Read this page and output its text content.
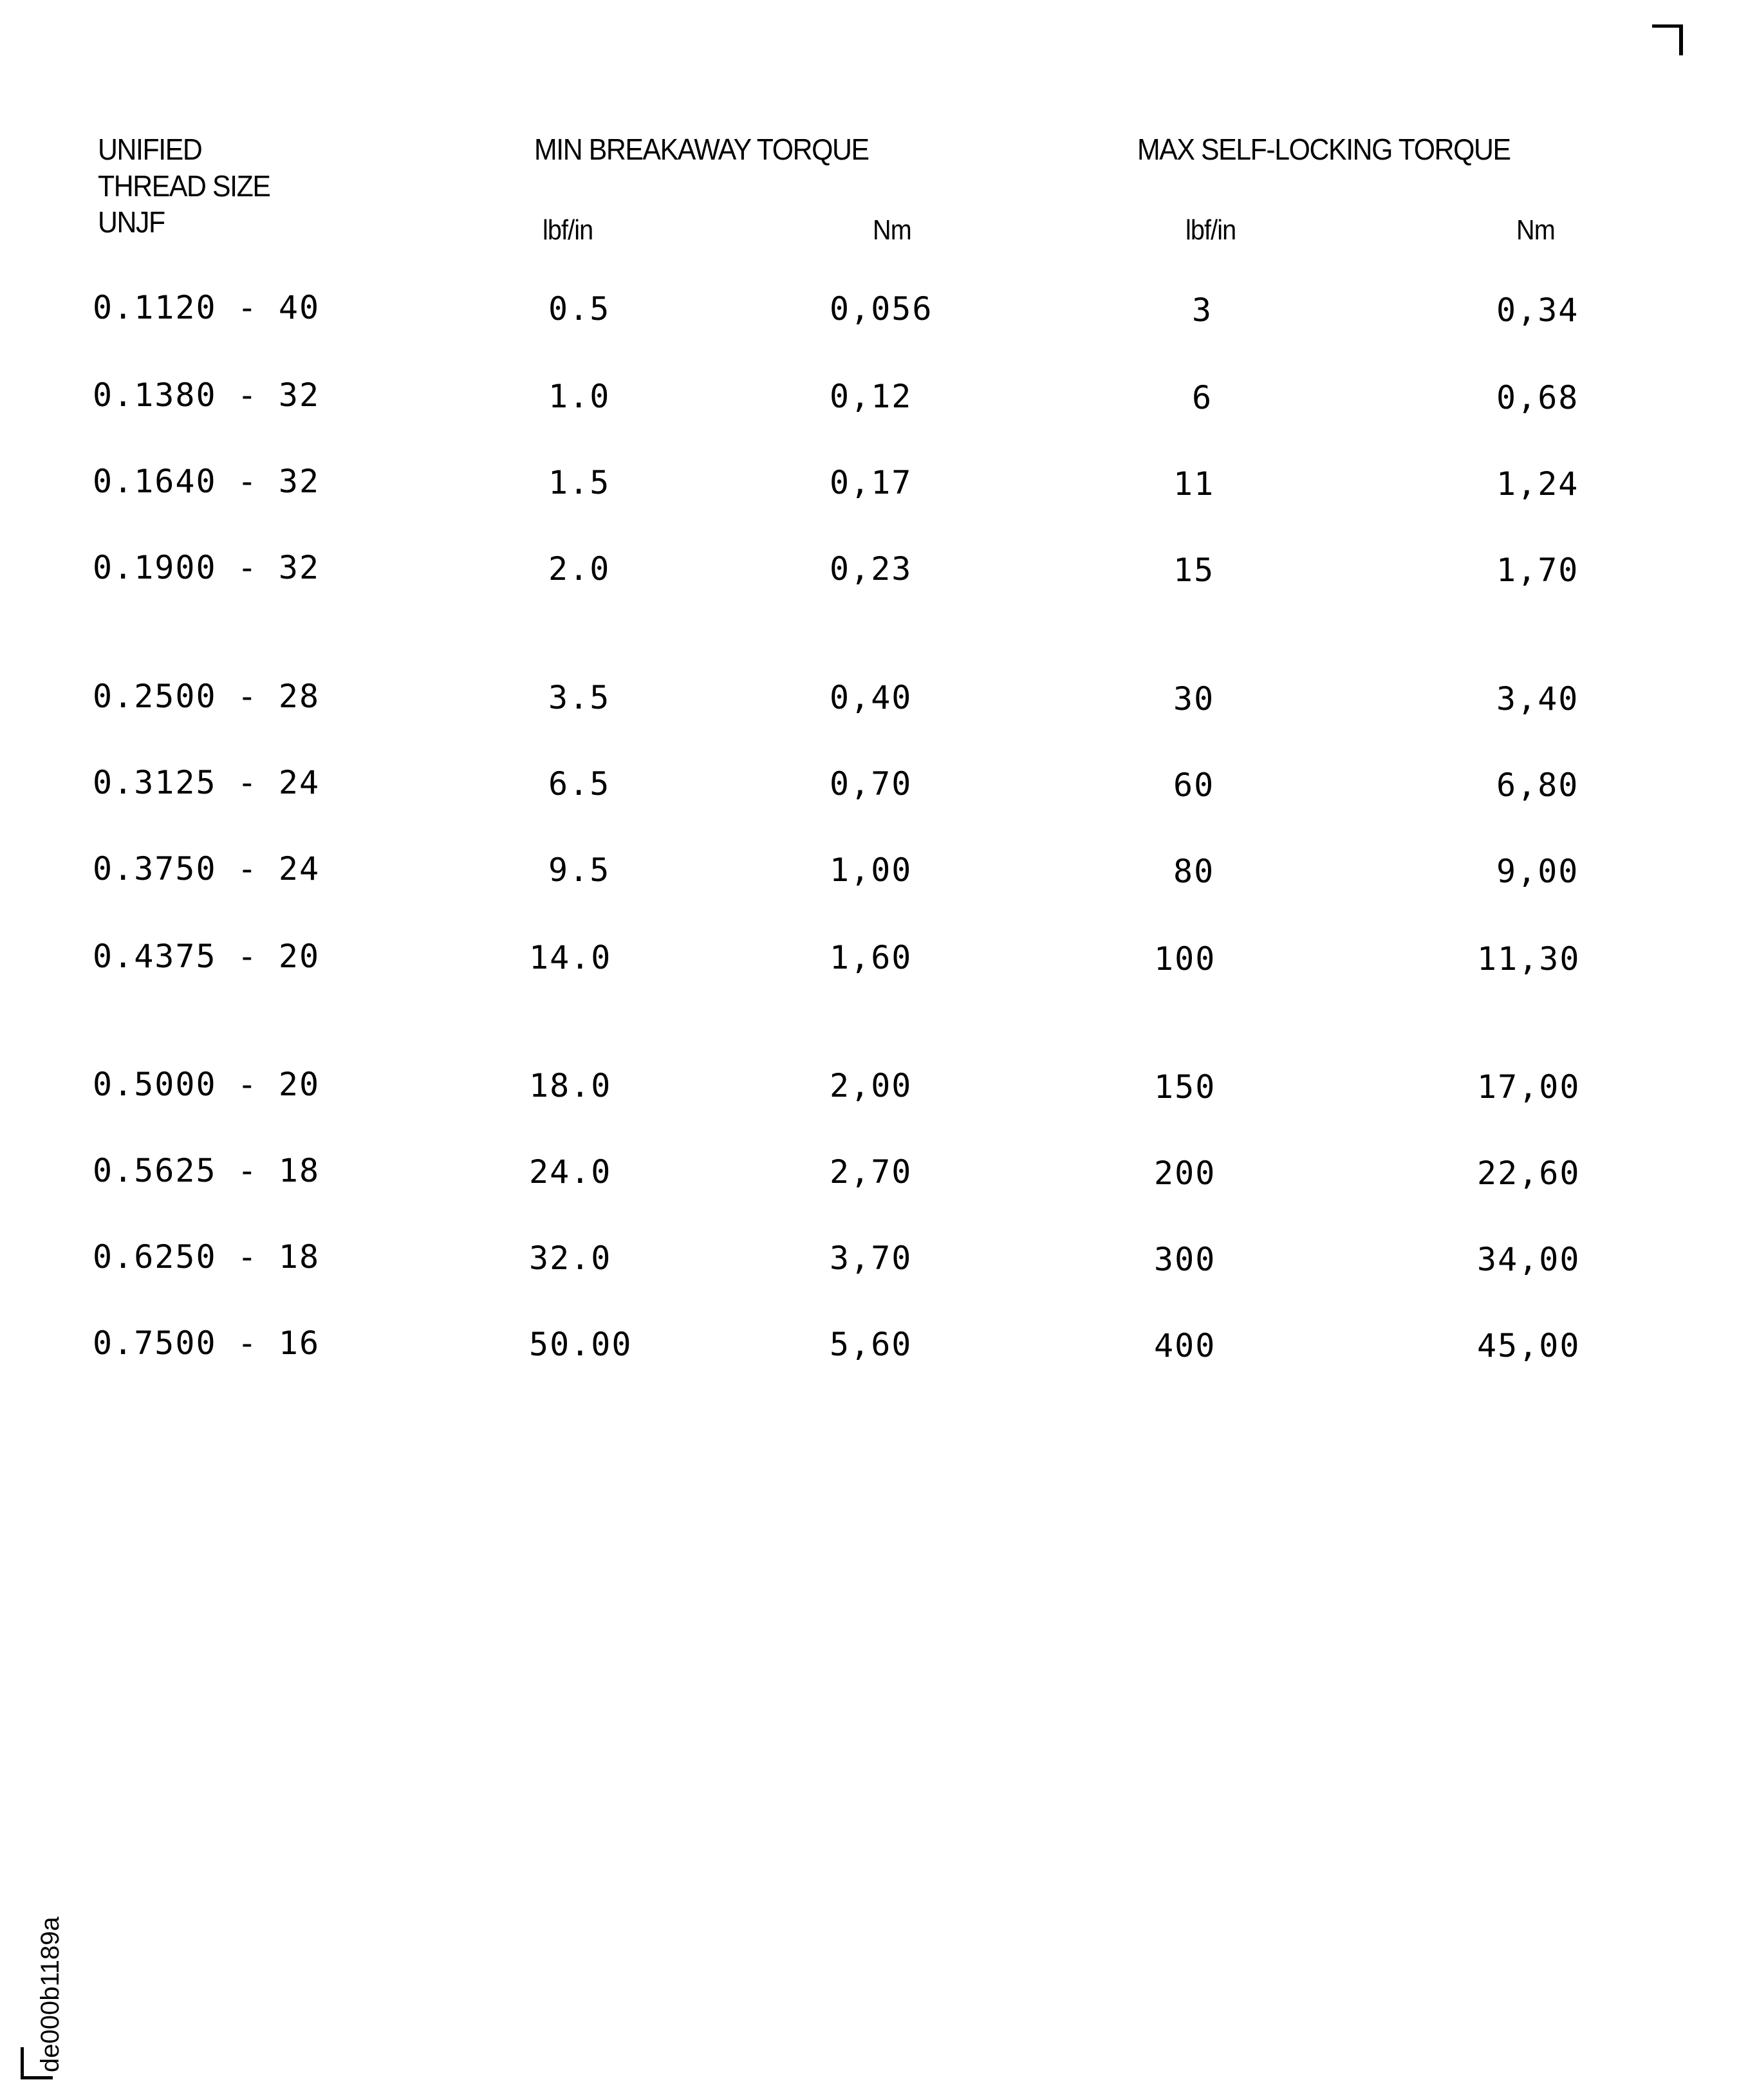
de000b1189a
UNIFIED
THREAD SIZE
UNJF
MIN BREAKAWAY TORQUE	MAX SELF-LOCKING TORQUE
lbf/in	Nm	lbf/in	Nm
0.1120 - 40	0.5	0,056	3	0,34
0.1380 - 32	1.0	0,12	6	0,68
0.1640 - 32	1.5	0,17	11	1,24
0.1900 - 32	2.0	0,23	15	1,70
0.2500 - 28	3.5	0,40	30	3,40
0.3125 - 24	6.5	0,70	60	6,80
0.3750 - 24	9.5	1,00	80	9,00
0.4375 - 20	14.0	1,60	100	11,30
0.5000 - 20	18.0	2,00	150	17,00
0.5625 - 18	24.0	2,70	200	22,60
0.6250 - 18	32.0	3,70	300	34,00
0.7500 - 16	50.00	5,60	400	45,00
